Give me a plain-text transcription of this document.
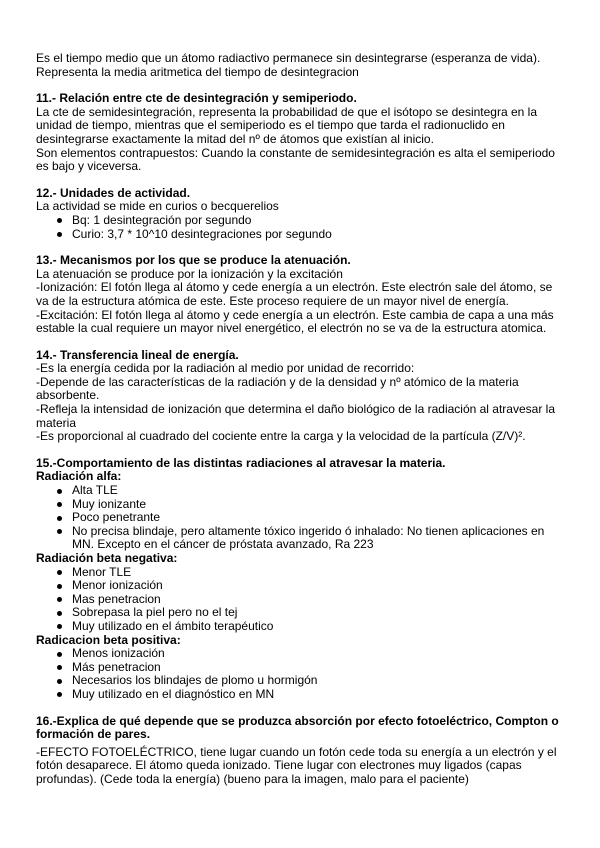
Es el tiempo medio que un átomo radiactivo permanece sin desintegrarse (esperanza de vida).

Representa la media aritmetica del tiempo de desintegracion

11.- Relación entre cte de desintegración y semiperiodo.

La cte de semidesintegración, representa la probabilidad de que el isótopo se desintegra en la unidad de tiempo, mientras que el semiperiodo es el tiempo que tarda el radionuclido en desintegrarse exactamente la mitad del nº de átomos que existían al inicio.

Son elementos contrapuestos: Cuando la constante de semidesintegración es alta el semiperiodo es bajo y viceversa.

12.- Unidades de actividad.

La actividad se mide en curios o becquerelios

Bq: 1 desintegración por segundo
Curio: 3,7 * 10^10 desintegraciones por segundo
13.- Mecanismos por los que se produce la atenuación.

La atenuación se produce por la ionización y la excitación

-Ionización: El fotón llega al átomo y cede energía a un electrón. Este electrón sale del átomo, se va de la estructura atómica de este. Este proceso requiere de un mayor nivel de energía.

-Excitación: El fotón llega al átomo y cede energía a un electrón. Este cambia de capa a una más estable la cual requiere un mayor nivel energético, el electrón no se va de la estructura atomica.

14.- Transferencia lineal de energía.

-Es la energía cedida por la radiación al medio por unidad de recorrido:

-Depende de las características de la radiación y de la densidad y nº atómico de la materia absorbente.

-Refleja la intensidad de ionización que determina el daño biológico de la radiación al atravesar la materia

-Es proporcional al cuadrado del cociente entre la carga y la velocidad de la partícula (Z/V)².

15.-Comportamiento de las distintas radiaciones al atravesar la materia.
Radiación alfa:
Alta TLE
Muy ionizante
Poco penetrante
No precisa blindaje, pero altamente tóxico ingerido ó inhalado: No tienen aplicaciones en MN. Excepto en el cáncer de próstata avanzado, Ra 223
Radiación beta negativa:
Menor TLE
Menor ionización
Mas penetracion
Sobrepasa la piel pero no el tej
Muy utilizado en el ámbito terapéutico
Radicacion beta positiva:
Menos ionización
Más penetracion
Necesarios los blindajes de plomo u hormigón
Muy utilizado en el diagnóstico en MN
16.-Explica de qué depende que se produzca absorción por efecto fotoeléctrico, Compton o formación de pares.

-EFECTO FOTOELÉCTRICO, tiene lugar cuando un fotón cede toda su energía a un electrón y el fotón desaparece. El átomo queda ionizado. Tiene lugar con electrones muy ligados (capas profundas). (Cede toda la energía) (bueno para la imagen, malo para el paciente)
